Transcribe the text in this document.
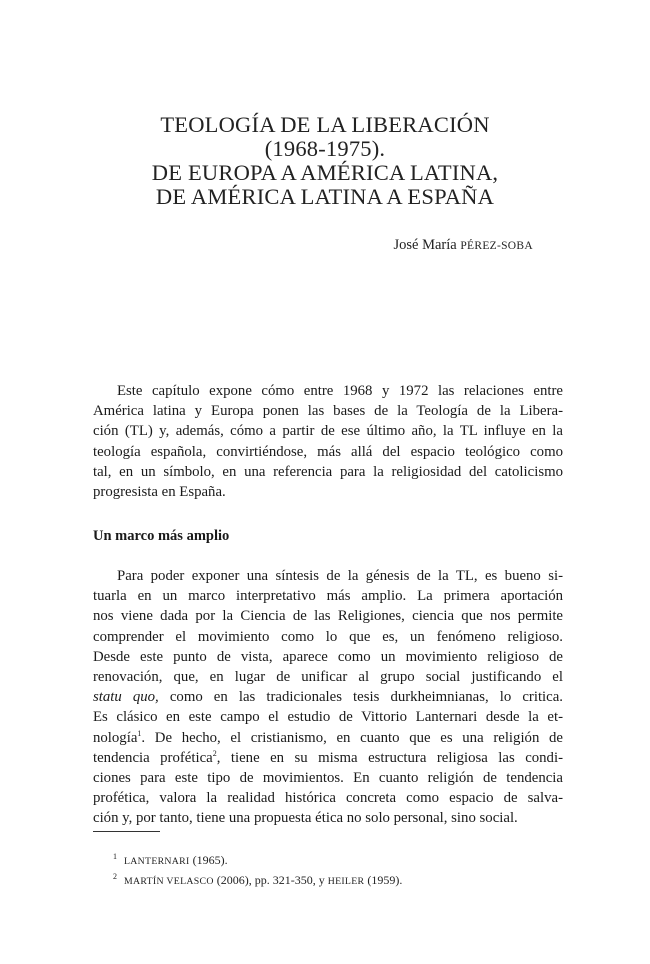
TEOLOGÍA DE LA LIBERACIÓN
(1968-1975).
DE EUROPA A AMÉRICA LATINA,
DE AMÉRICA LATINA A ESPAÑA
José María PÉREZ-SOBA
Este capítulo expone cómo entre 1968 y 1972 las relaciones entre
América latina y Europa ponen las bases de la Teología de la Libera-
ción (TL) y, además, cómo a partir de ese último año, la TL influye en la
teología española, convirtiéndose, más allá del espacio teológico como
tal, en un símbolo, en una referencia para la religiosidad del catolicismo
progresista en España.
Un marco más amplio
Para poder exponer una síntesis de la génesis de la TL, es bueno si-
tuarla en un marco interpretativo más amplio. La primera aportación
nos viene dada por la Ciencia de las Religiones, ciencia que nos permite
comprender el movimiento como lo que es, un fenómeno religioso.
Desde este punto de vista, aparece como un movimiento religioso de
renovación, que, en lugar de unificar al grupo social justificando el
statu quo, como en las tradicionales tesis durkheimnianas, lo critica.
Es clásico en este campo el estudio de Vittorio Lanternari desde la et-
nología$^1$. De hecho, el cristianismo, en cuanto que es una religión de
tendencia profética$^2$, tiene en su misma estructura religiosa las condi-
ciones para este tipo de movimientos. En cuanto religión de tendencia
profética, valora la realidad histórica concreta como espacio de salva-
ción y, por tanto, tiene una propuesta ética no solo personal, sino social.
$^1$ LANTERNARI (1965).
$^2$ MARTÍN VELASCO (2006), pp. 321-350, y HEILER (1959).
